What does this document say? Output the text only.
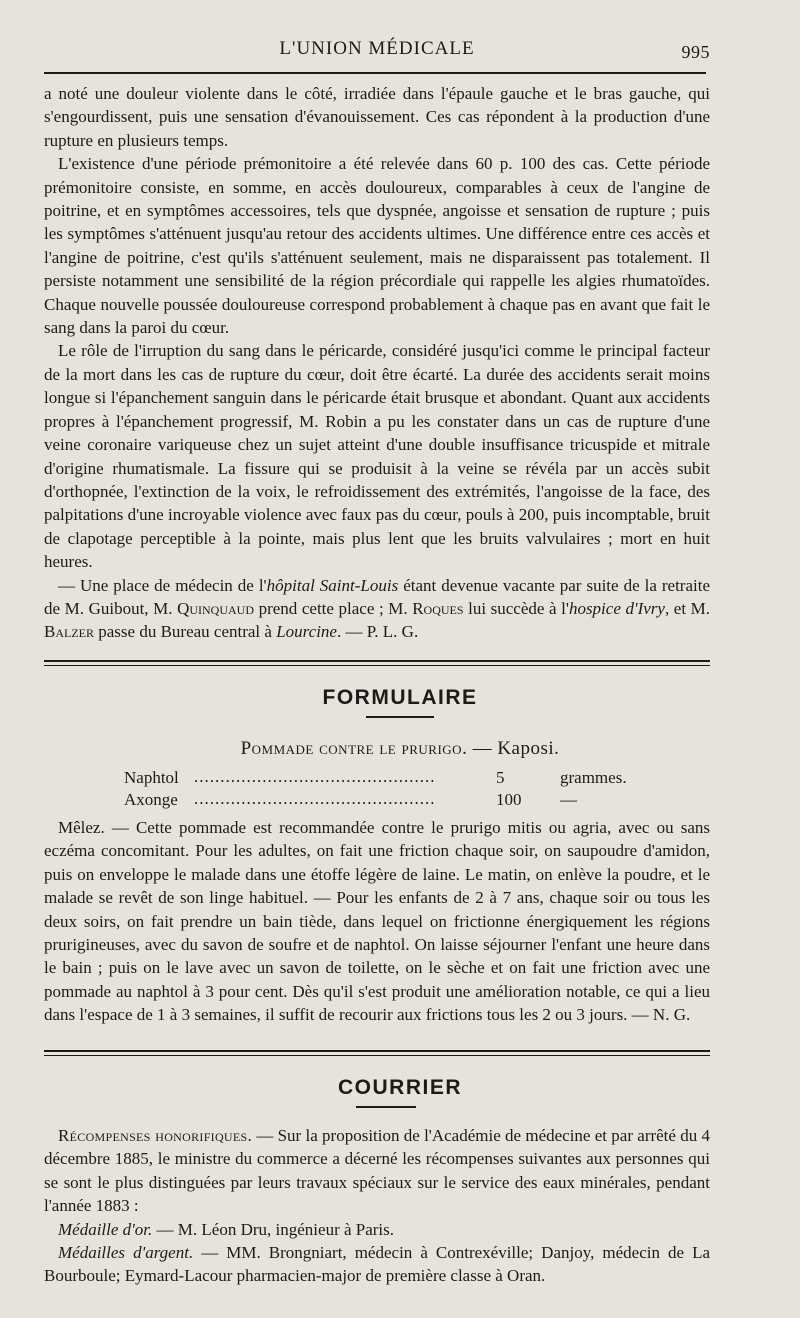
L'UNION MÉDICALE	995

a noté une douleur violente dans le côté, irradiée dans l'épaule gauche et le bras gauche, qui s'engourdissent, puis une sensation d'évanouissement. Ces cas répondent à la production d'une rupture en plusieurs temps.

L'existence d'une période prémonitoire a été relevée dans 60 p. 100 des cas. Cette période prémonitoire consiste, en somme, en accès douloureux, comparables à ceux de l'angine de poitrine, et en symptômes accessoires, tels que dyspnée, angoisse et sensation de rupture ; puis les symptômes s'atténuent jusqu'au retour des accidents ultimes. Une différence entre ces accès et l'angine de poitrine, c'est qu'ils s'atténuent seulement, mais ne disparaissent pas totalement. Il persiste notamment une sensibilité de la région précordiale qui rappelle les algies rhumatoïdes. Chaque nouvelle poussée douloureuse correspond probablement à chaque pas en avant que fait le sang dans la paroi du cœur.

Le rôle de l'irruption du sang dans le péricarde, considéré jusqu'ici comme le principal facteur de la mort dans les cas de rupture du cœur, doit être écarté. La durée des accidents serait moins longue si l'épanchement sanguin dans le péricarde était brusque et abondant. Quant aux accidents propres à l'épanchement progressif, M. Robin a pu les constater dans un cas de rupture d'une veine coronaire variqueuse chez un sujet atteint d'une double insuffisance tricuspide et mitrale d'origine rhumatismale. La fissure qui se produisit à la veine se révéla par un accès subit d'orthopnée, l'extinction de la voix, le refroidissement des extrémités, l'angoisse de la face, des palpitations d'une incroyable violence avec faux pas du cœur, pouls à 200, puis incomptable, bruit de clapotage perceptible à la pointe, mais plus lent que les bruits valvulaires ; mort en huit heures.

— Une place de médecin de l'hôpital Saint-Louis étant devenue vacante par suite de la retraite de M. Guibout, M. Quinquaud prend cette place ; M. Roques lui succède à l'hospice d'Ivry, et M. Balzer passe du Bureau central à Lourcine. — P. L. G.

FORMULAIRE
Pommade contre le prurigo. — Kaposi.
Naphtol ..............................................	5	grammes.
Axonge ..............................................	100 —

Mêlez. — Cette pommade est recommandée contre le prurigo mitis ou agria, avec ou sans eczéma concomitant. Pour les adultes, on fait une friction chaque soir, on saupoudre d'amidon, puis on enveloppe le malade dans une étoffe légère de laine. Le matin, on enlève la poudre, et le malade se revêt de son linge habituel. — Pour les enfants de 2 à 7 ans, chaque soir ou tous les deux soirs, on fait prendre un bain tiède, dans lequel on frictionne énergiquement les régions prurigineuses, avec du savon de soufre et de naphtol. On laisse séjourner l'enfant une heure dans le bain ; puis on le lave avec un savon de toilette, on le sèche et on fait une friction avec une pommade au naphtol à 3 pour cent. Dès qu'il s'est produit une amélioration notable, ce qui a lieu dans l'espace de 1 à 3 semaines, il suffit de recourir aux frictions tous les 2 ou 3 jours. — N. G.

COURRIER

Récompenses honorifiques. — Sur la proposition de l'Académie de médecine et par arrêté du 4 décembre 1885, le ministre du commerce a décerné les récompenses suivantes aux personnes qui se sont le plus distinguées par leurs travaux spéciaux sur le service des eaux minérales, pendant l'année 1883 :

Médaille d'or. — M. Léon Dru, ingénieur à Paris.

Médailles d'argent. — MM. Brongniart, médecin à Contrexéville; Danjoy, médecin de La Bourboule; Eymard-Lacour pharmacien-major de première classe à Oran.
